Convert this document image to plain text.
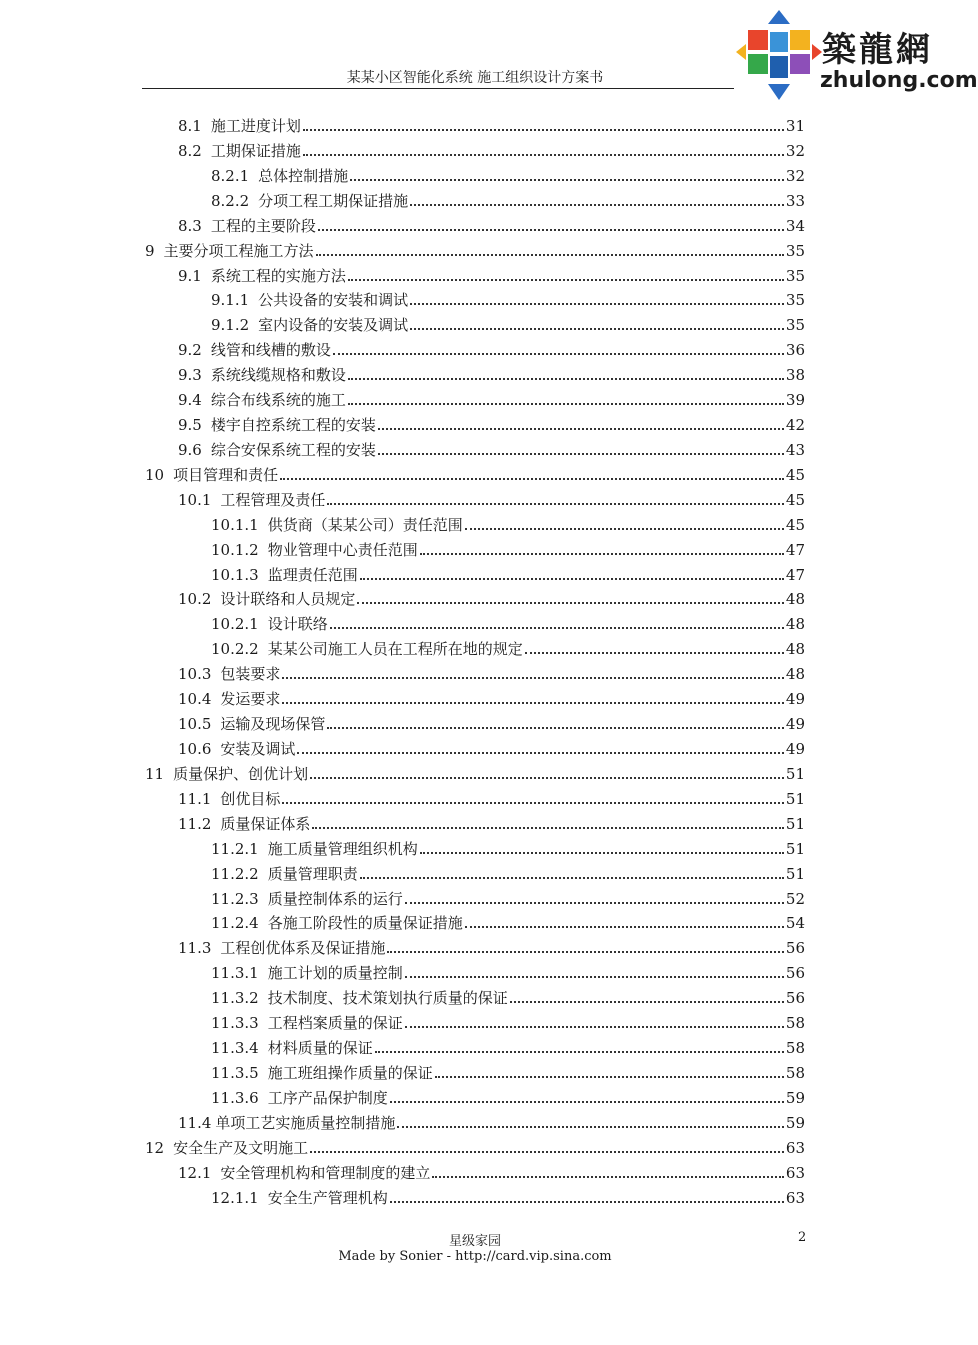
某某小区智能化系统 施工组织设计方案书
築龍網
zhulong.com
8.1 施工进度计划	31
8.2 工期保证措施	32
8.2.1 总体控制措施	32
8.2.2 分项工程工期保证措施	33
8.3 工程的主要阶段	34
9 主要分项工程施工方法	35
9.1 系统工程的实施方法	35
9.1.1 公共设备的安装和调试	35
9.1.2 室内设备的安装及调试	35
9.2 线管和线槽的敷设	36
9.3 系统线缆规格和敷设	38
9.4 综合布线系统的施工	39
9.5 楼宇自控系统工程的安装	42
9.6 综合安保系统工程的安装	43
10 项目管理和责任	45
10.1 工程管理及责任	45
10.1.1 供货商（某某公司）责任范围	45
10.1.2 物业管理中心责任范围	47
10.1.3 监理责任范围	47
10.2 设计联络和人员规定	48
10.2.1 设计联络	48
10.2.2 某某公司施工人员在工程所在地的规定	48
10.3 包装要求	48
10.4 发运要求	49
10.5 运输及现场保管	49
10.6 安装及调试	49
11 质量保护、创优计划	51
11.1 创优目标	51
11.2 质量保证体系	51
11.2.1 施工质量管理组织机构	51
11.2.2 质量管理职责	51
11.2.3 质量控制体系的运行	52
11.2.4 各施工阶段性的质量保证措施	54
11.3 工程创优体系及保证措施	56
11.3.1 施工计划的质量控制	56
11.3.2 技术制度、技术策划执行质量的保证	56
11.3.3 工程档案质量的保证	58
11.3.4 材料质量的保证	58
11.3.5 施工班组操作质量的保证	58
11.3.6 工序产品保护制度	59
11.4 单项工艺实施质量控制措施	59
12 安全生产及文明施工	63
12.1 安全管理机构和管理制度的建立	63
12.1.1 安全生产管理机构	63
星级家园
Made by Sonier - http://card.vip.sina.com
2
